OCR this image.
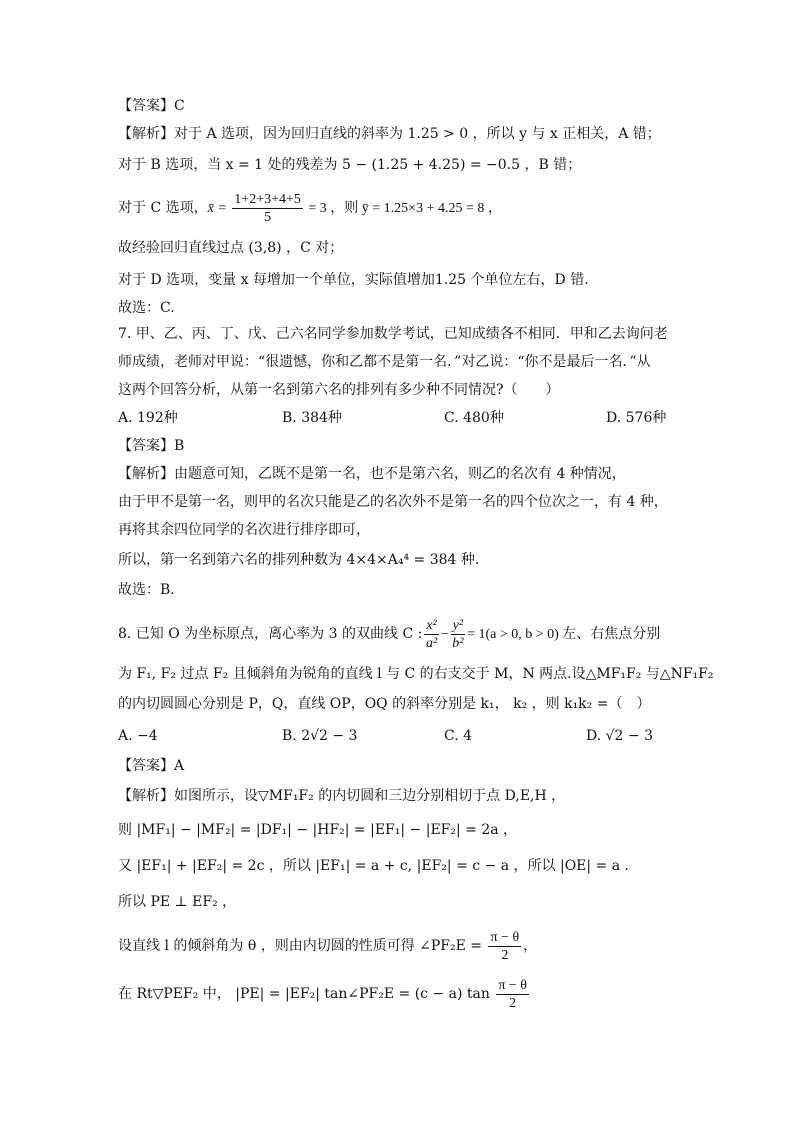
【答案】C
【解析】对于 A 选项，因为回归直线的斜率为 1.25 > 0 ，所以 y 与 x 正相关，A 错；
对于 B 选项，当 x = 1 处的残差为 5 − (1.25 + 4.25) = −0.5 ，B 错；
对于 C 选项，x̄ = $\frac{1+2+3+4+5}{5} = 3$ ，则 ȳ = 1.25×3 + 4.25 = 8 ，
故经验回归直线过点 (3,8) ，C 对；
对于 D 选项，变量 x 每增加一个单位，实际值增加1.25 个单位左右，D 错.
故选：C.
7. 甲、乙、丙、丁、戊、己六名同学参加数学考试，已知成绩各不相同．甲和乙去询问老
师成绩，老师对甲说：“很遗憾，你和乙都不是第一名．”对乙说：“你不是最后一名．”从
这两个回答分析，从第一名到第六名的排列有多少种不同情况?（　　）
A. 192种	B. 384种	C. 480种	D. 576种
【答案】B
【解析】由题意可知，乙既不是第一名，也不是第六名，则乙的名次有 4 种情况，
由于甲不是第一名，则甲的名次只能是乙的名次外不是第一名的四个位次之一，有 4 种，
再将其余四位同学的名次进行排序即可，
所以，第一名到第六名的排列种数为 4×4×A₄⁴ = 384 种.
故选：B.
8. 已知 O 为坐标原点，离心率为 3 的双曲线 C : $\frac{\text{x²}}{\text{a²}} - \frac{\text{y²}}{\text{b²}} = 1(a > 0$, b > 0) 左、右焦点分别
为 F₁, F₂ 过点 F₂ 且倾斜角为锐角的直线 l 与 C 的右支交于 M，N 两点.设△MF₁F₂ 与△NF₁F₂
的内切圆圆心分别是 P，Q，直线 OP，OQ 的斜率分别是 k₁， k₂ ，则 k₁k₂ =（　）
A. −4	B. 2√2 − 3	C. 4	D. √2 − 3
【答案】A
【解析】如图所示，设▽MF₁F₂ 的内切圆和三边分别相切于点 D,E,H ，
则 |MF₁| − |MF₂| = |DF₁| − |HF₂| = |EF₁| − |EF₂| = 2a ，
又 |EF₁| + |EF₂| = 2c ，所以 |EF₁| = a + c, |EF₂| = c − a ，所以 |OE| = a .
所以 PE ⊥ EF₂ ，
设直线 l 的倾斜角为 θ ，则由内切圆的性质可得 ∠PF₂E = $\frac{\pi - \theta}{2}$ ，
在 Rt▽PEF₂ 中， |PE| = |EF₂| tan∠PF₂E = (c − a) $\tan \frac{\pi - \theta}{2}$
